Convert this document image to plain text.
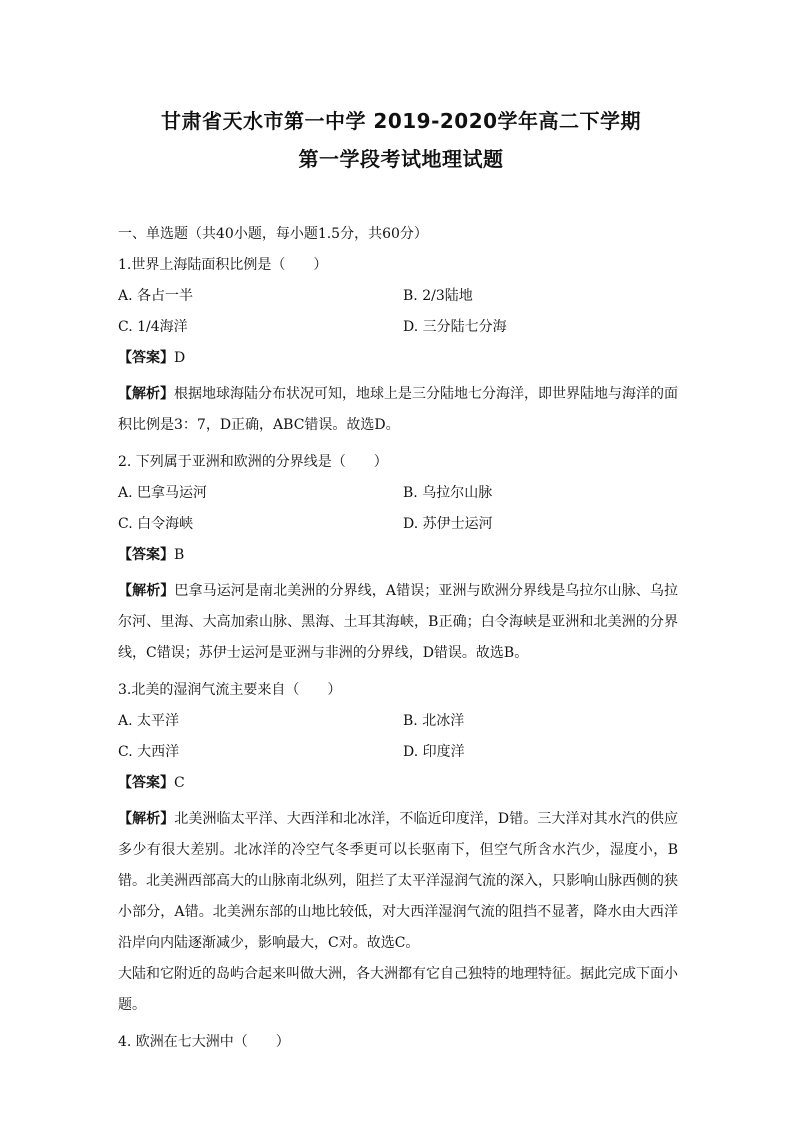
甘肃省天水市第一中学 2019-2020学年高二下学期
第一学段考试地理试题
一、单选题（共40小题，每小题1.5分，共60分）
1.世界上海陆面积比例是（　　）
A. 各占一半	B. 2/3陆地
C. 1/4海洋	D. 三分陆七分海
【答案】D
【解析】根据地球海陆分布状况可知，地球上是三分陆地七分海洋，即世界陆地与海洋的面积比例是3：7，D正确，ABC错误。故选D。
2. 下列属于亚洲和欧洲的分界线是（　　）
A. 巴拿马运河	B. 乌拉尔山脉
C. 白令海峡	D. 苏伊士运河
【答案】B
【解析】巴拿马运河是南北美洲的分界线，A错误；亚洲与欧洲分界线是乌拉尔山脉、乌拉尔河、里海、大高加索山脉、黑海、土耳其海峡，B正确；白令海峡是亚洲和北美洲的分界线，C错误；苏伊士运河是亚洲与非洲的分界线，D错误。故选B。
3.北美的湿润气流主要来自（　　）
A. 太平洋	B. 北冰洋
C. 大西洋	D. 印度洋
【答案】C
【解析】北美洲临太平洋、大西洋和北冰洋，不临近印度洋，D错。三大洋对其水汽的供应多少有很大差别。北冰洋的冷空气冬季更可以长驱南下，但空气所含水汽少，湿度小，B错。北美洲西部高大的山脉南北纵列，阻拦了太平洋湿润气流的深入，只影响山脉西侧的狭小部分，A错。北美洲东部的山地比较低，对大西洋湿润气流的阻挡不显著，降水由大西洋沿岸向内陆逐渐减少，影响最大，C对。故选C。
大陆和它附近的岛屿合起来叫做大洲，各大洲都有它自己独特的地理特征。据此完成下面小题。
4. 欧洲在七大洲中（　　）
